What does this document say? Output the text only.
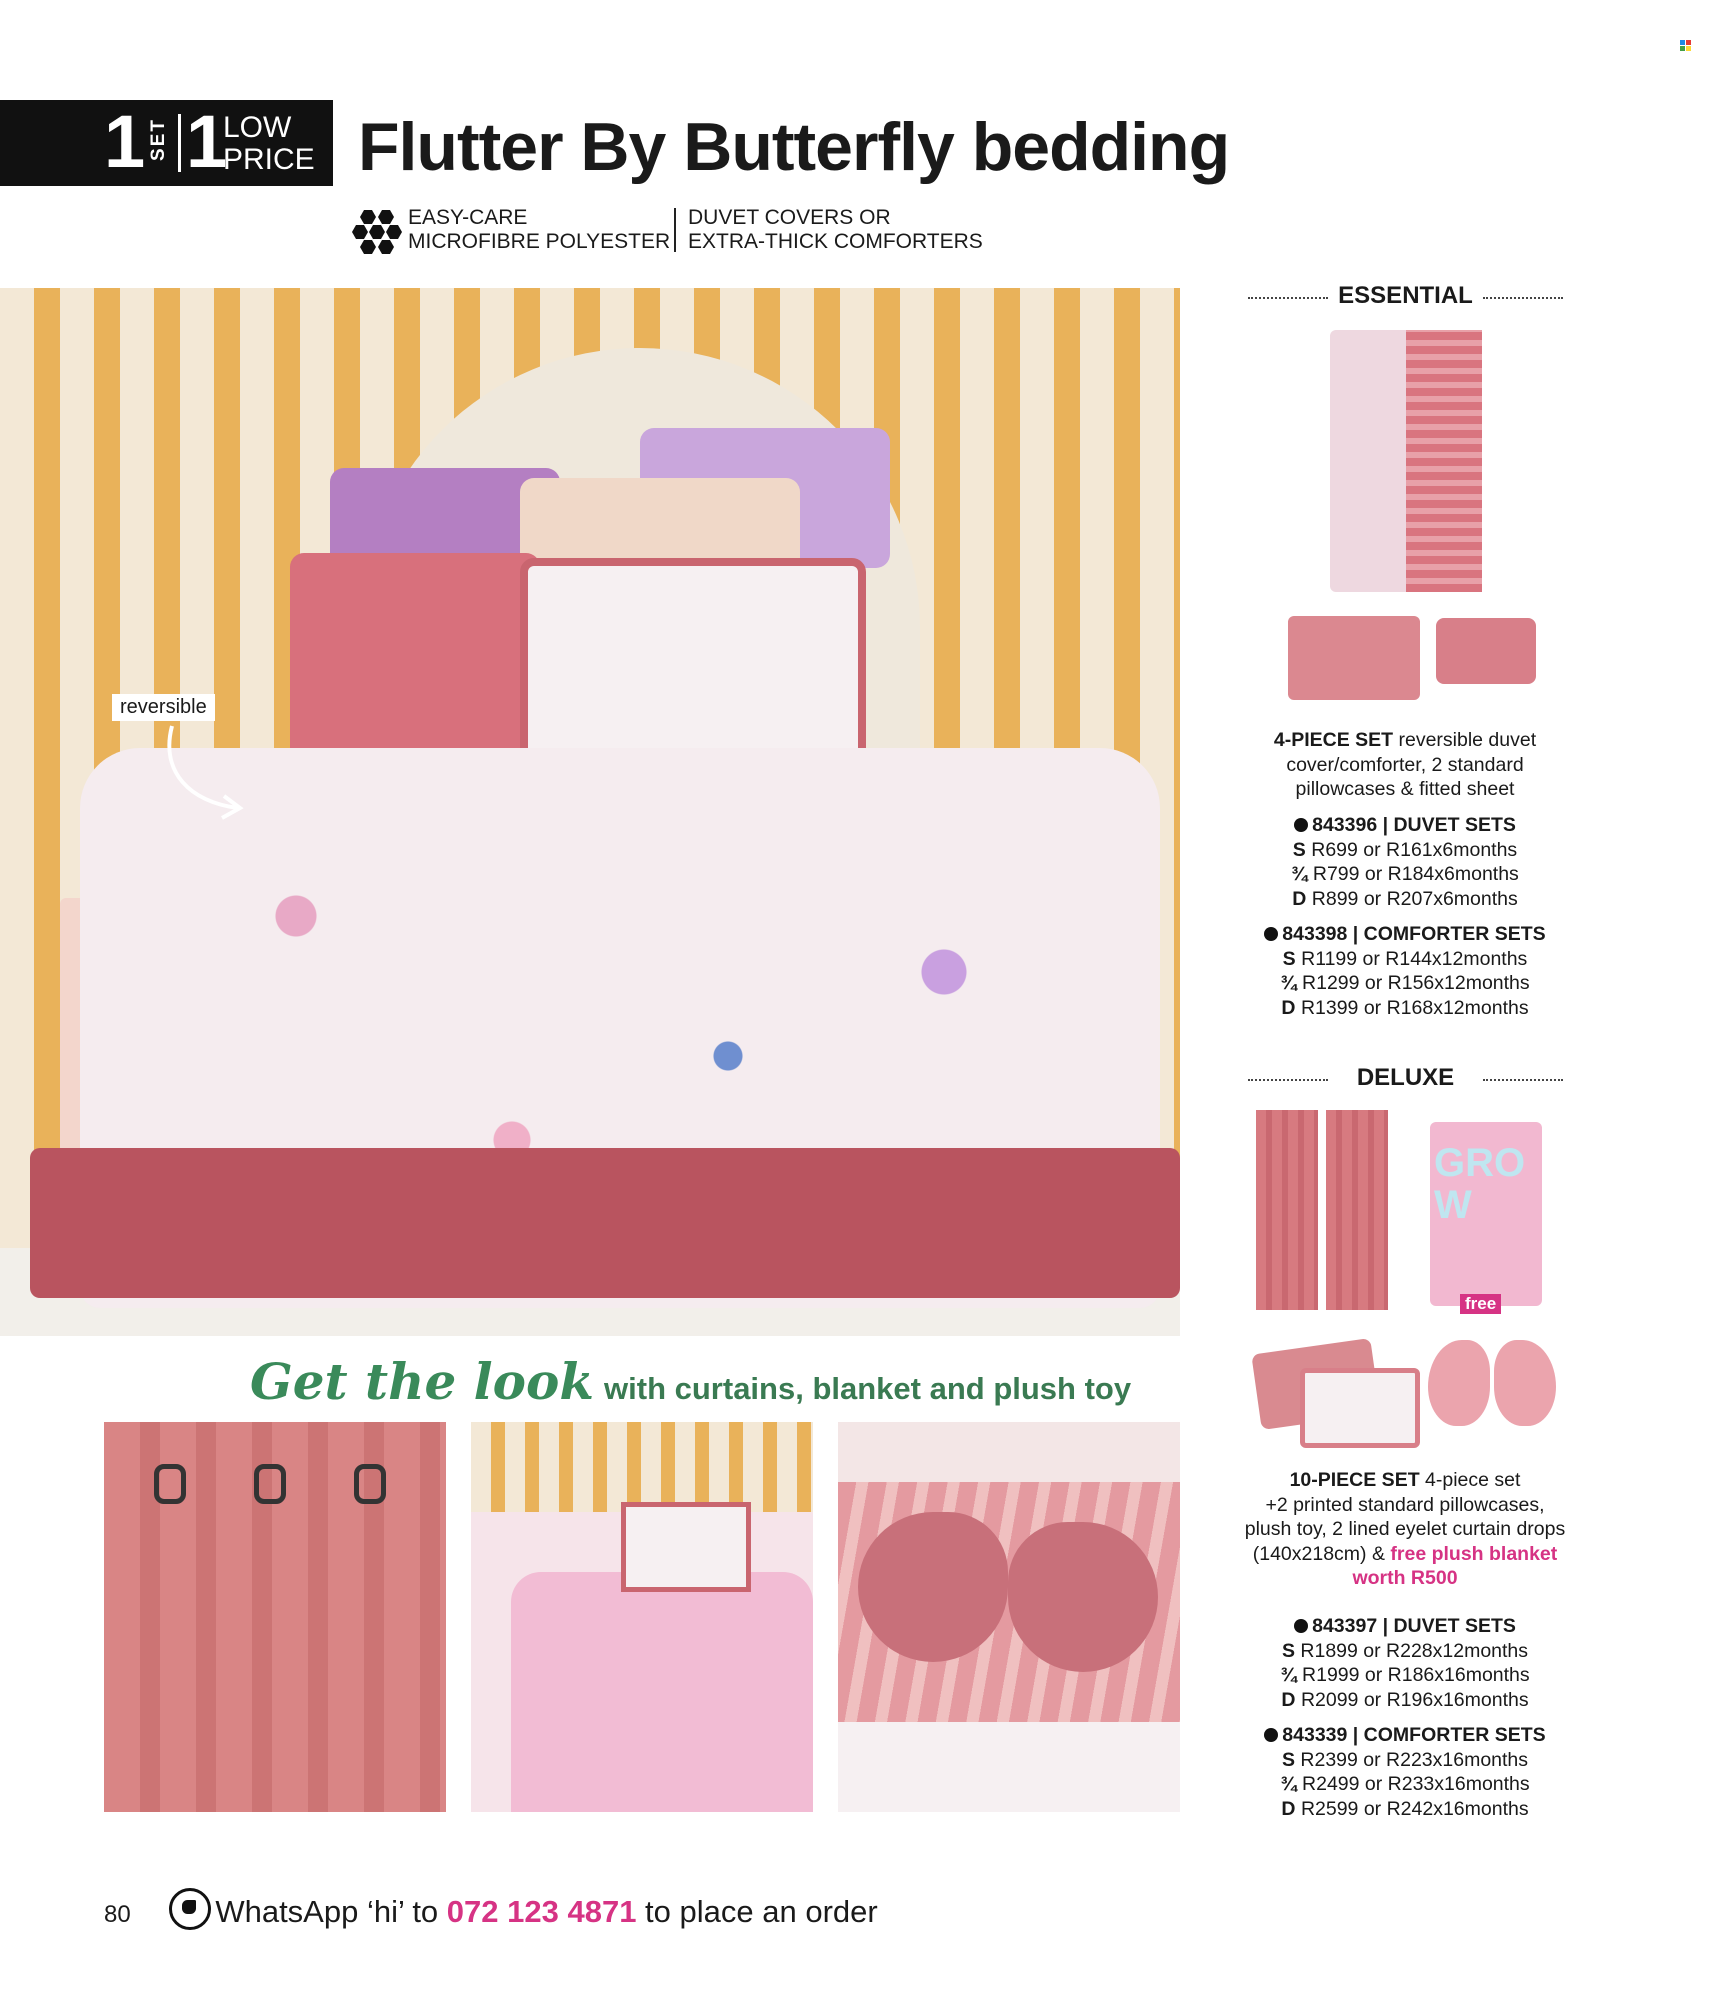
1 SET 1
LOW
PRICE Flutter By Butterfly bedding
EASY-CARE
MICROFIBRE POLYESTER
DUVET COVERS OR
EXTRA-THICK COMFORTERS
reversible
Get the look with curtains, blanket and plush toy
ESSENTIAL
4-PIECE SET reversible duvet
cover/comforter, 2 standard
pillowcases & fitted sheet
843396 | DUVET SETS
S R699 or R161x6months
¾ R799 or R184x6months
D R899 or R207x6months
843398 | COMFORTER SETS
S R1199 or R144x12months
¾ R1299 or R156x12months
D R1399 or R168x12months
DELUXE
GROW
free
10-PIECE SET 4-piece set
+2 printed standard pillowcases,
plush toy, 2 lined eyelet curtain drops
(140x218cm) & free plush blanket
worth R500
843397 | DUVET SETS
S R1899 or R228x12months
¾ R1999 or R186x16months
D R2099 or R196x16months
843339 | COMFORTER SETS
S R2399 or R223x16months
¾ R2499 or R233x16months
D R2599 or R242x16months
80	WhatsApp ‘hi’ to 072 123 4871 to place an order
